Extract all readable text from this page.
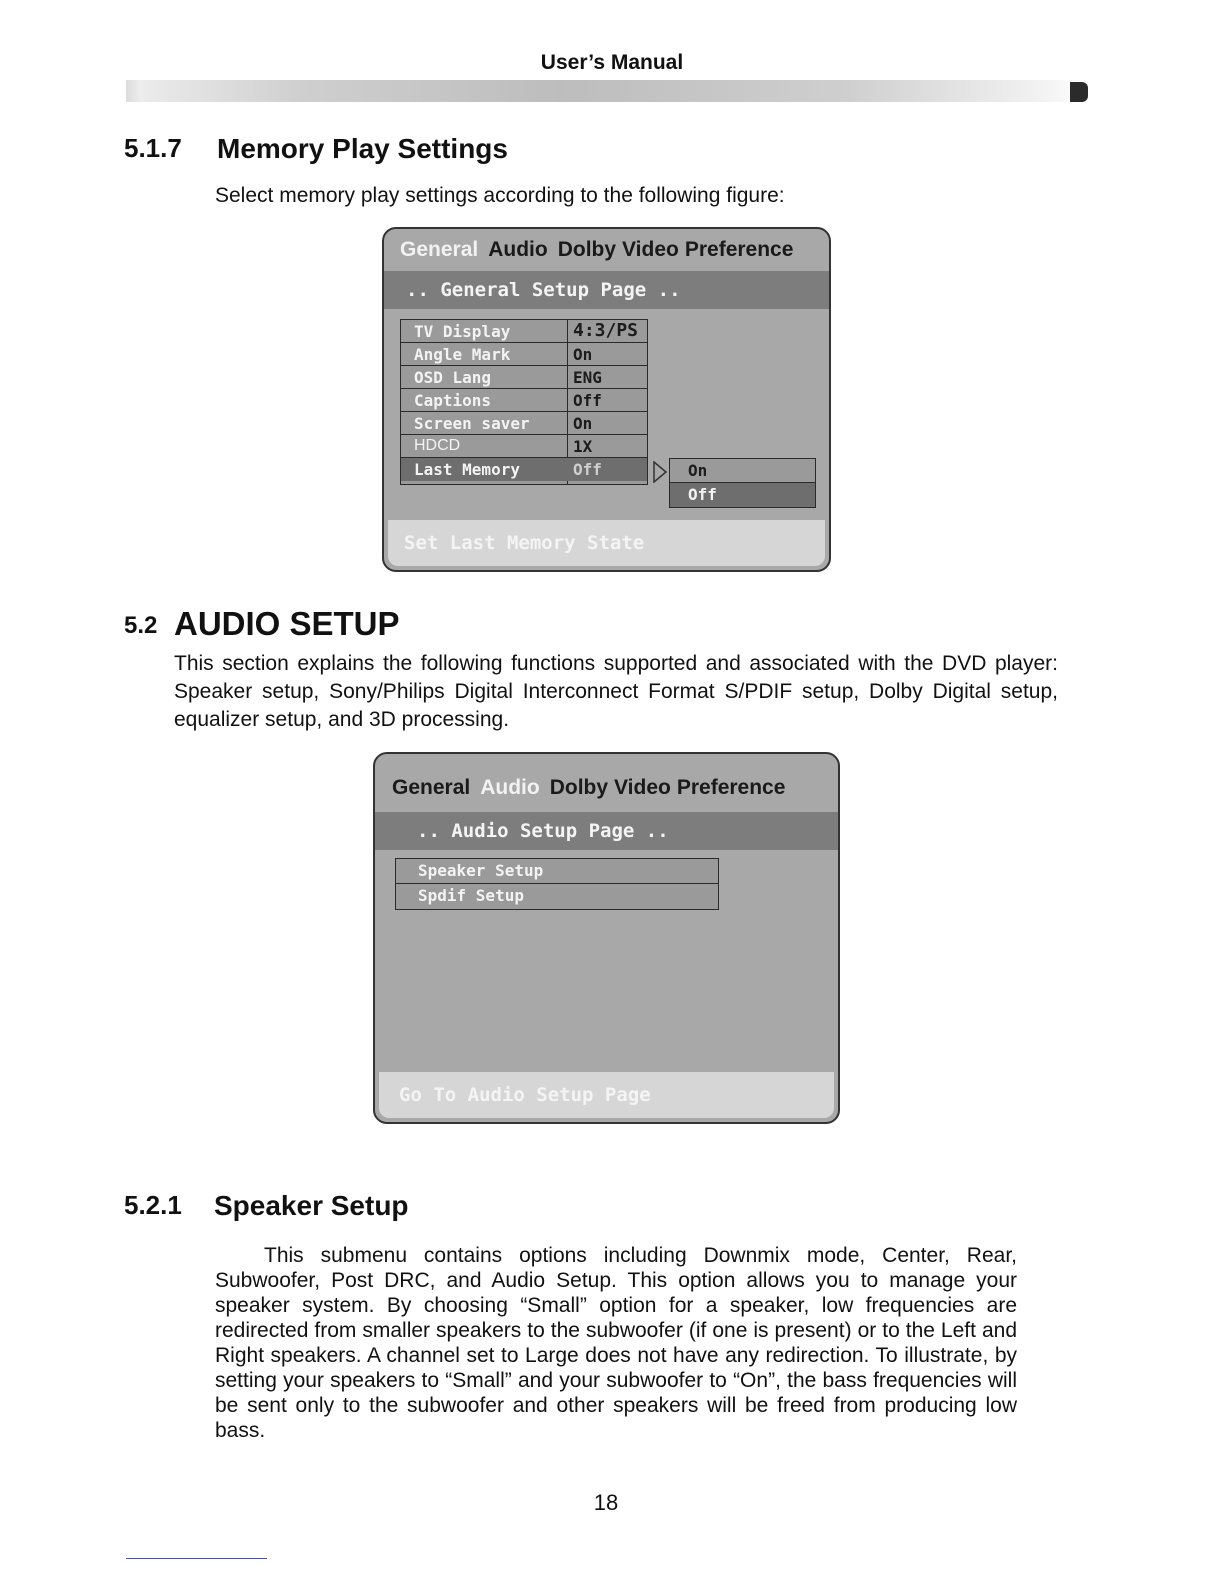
User’s Manual
5.1.7 Memory Play Settings
Select memory play settings according to the following figure:
General Audio Dolby Video Preference
.. General Setup Page ..
TV Display	4:3/PS
Angle Mark	On
OSD Lang	ENG
Captions	Off
Screen saver	On
HDCD	1X
Last Memory	Off	On
Off
Set Last Memory State
5.2 AUDIO SETUP
This section explains the following functions supported and associated with the DVD player: Speaker setup, Sony/Philips Digital Interconnect Format S/PDIF setup, Dolby Digital setup, equalizer setup, and 3D processing.
General Audio Dolby Video Preference
.. Audio Setup Page ..
Speaker Setup
Spdif Setup
Go To Audio Setup Page
5.2.1 Speaker Setup
This submenu contains options including Downmix mode, Center, Rear, Subwoofer, Post DRC, and Audio Setup. This option allows you to manage your speaker system. By choosing “Small” option for a speaker, low frequencies are redirected from smaller speakers to the subwoofer (if one is present) or to the Left and Right speakers. A channel set to Large does not have any redirection. To illustrate, by setting your speakers to “Small” and your subwoofer to “On”, the bass frequencies will be sent only to the subwoofer and other speakers will be freed from producing low bass.
18
